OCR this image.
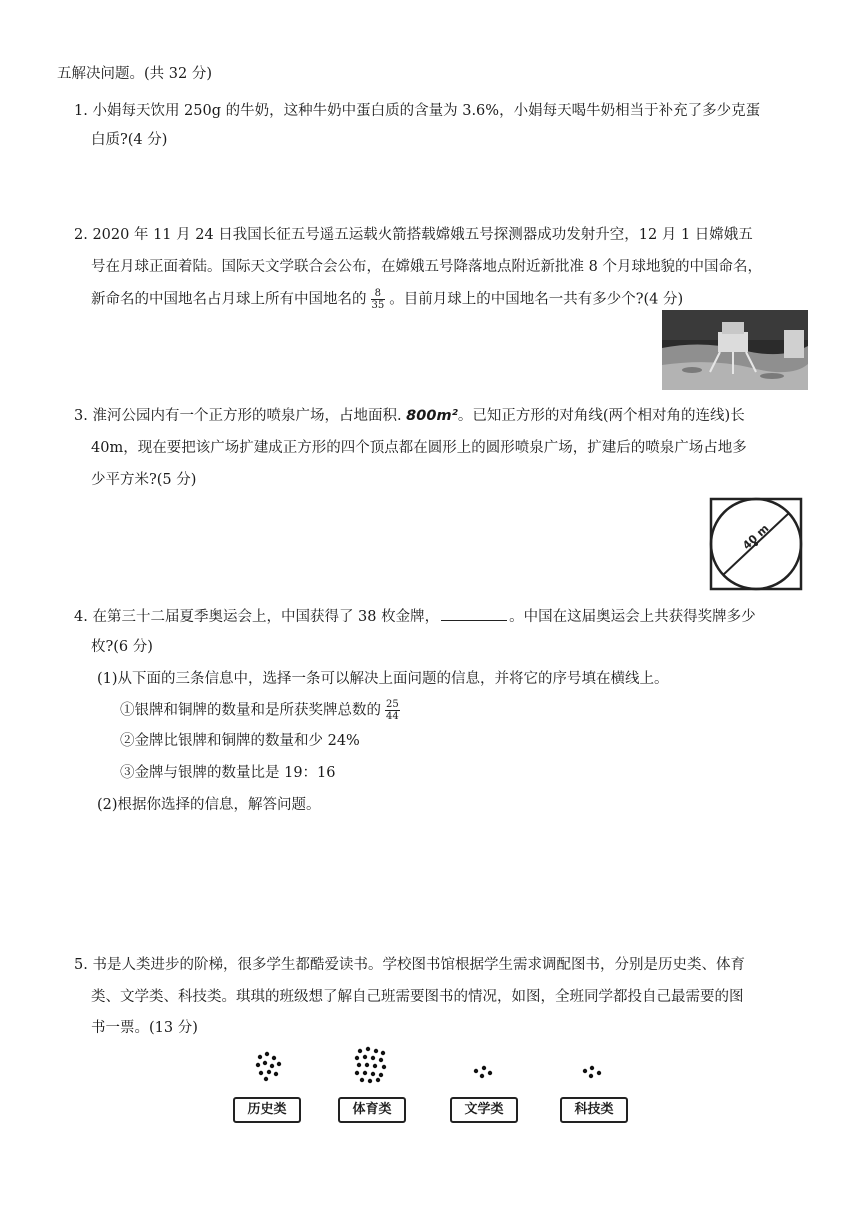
五解决问题。(共 32 分)
1. 小娟每天饮用 250g 的牛奶，这种牛奶中蛋白质的含量为 3.6%，小娟每天喝牛奶相当于补充了多少克蛋
白质?(4 分)
2. 2020 年 11 月 24 日我国长征五号遥五运载火箭搭载嫦娥五号探测器成功发射升空，12 月 1 日嫦娥五
号在月球正面着陆。国际天文学联合会公布，在嫦娥五号降落地点附近新批准 8 个月球地貌的中国命名，
新命名的中国地名占月球上所有中国地名的 $\frac{8}{35}$ 。目前月球上的中国地名一共有多少个?(4 分)
3. 淮河公园内有一个正方形的喷泉广场，占地面积. 800m²。已知正方形的对角线(两个相对角的连线)长
40m，现在要把该广场扩建成正方形的四个顶点都在圆形上的圆形喷泉广场，扩建后的喷泉广场占地多
少平方米?(5 分)
40 m
4. 在第三十二届夏季奥运会上，中国获得了 38 枚金牌，	。中国在这届奥运会上共获得奖牌多少
枚?(6 分)
(1)从下面的三条信息中，选择一条可以解决上面问题的信息，并将它的序号填在横线上。
①银牌和铜牌的数量和是所获奖牌总数的 $\frac{25}{44}$
②金牌比银牌和铜牌的数量和少 24%
③金牌与银牌的数量比是 19：16
(2)根据你选择的信息，解答问题。
5. 书是人类进步的阶梯，很多学生都酷爱读书。学校图书馆根据学生需求调配图书，分别是历史类、体育
类、文学类、科技类。琪琪的班级想了解自己班需要图书的情况，如图，全班同学都投自己最需要的图
书一票。(13 分)
历史类	体育类	文学类	科技类
